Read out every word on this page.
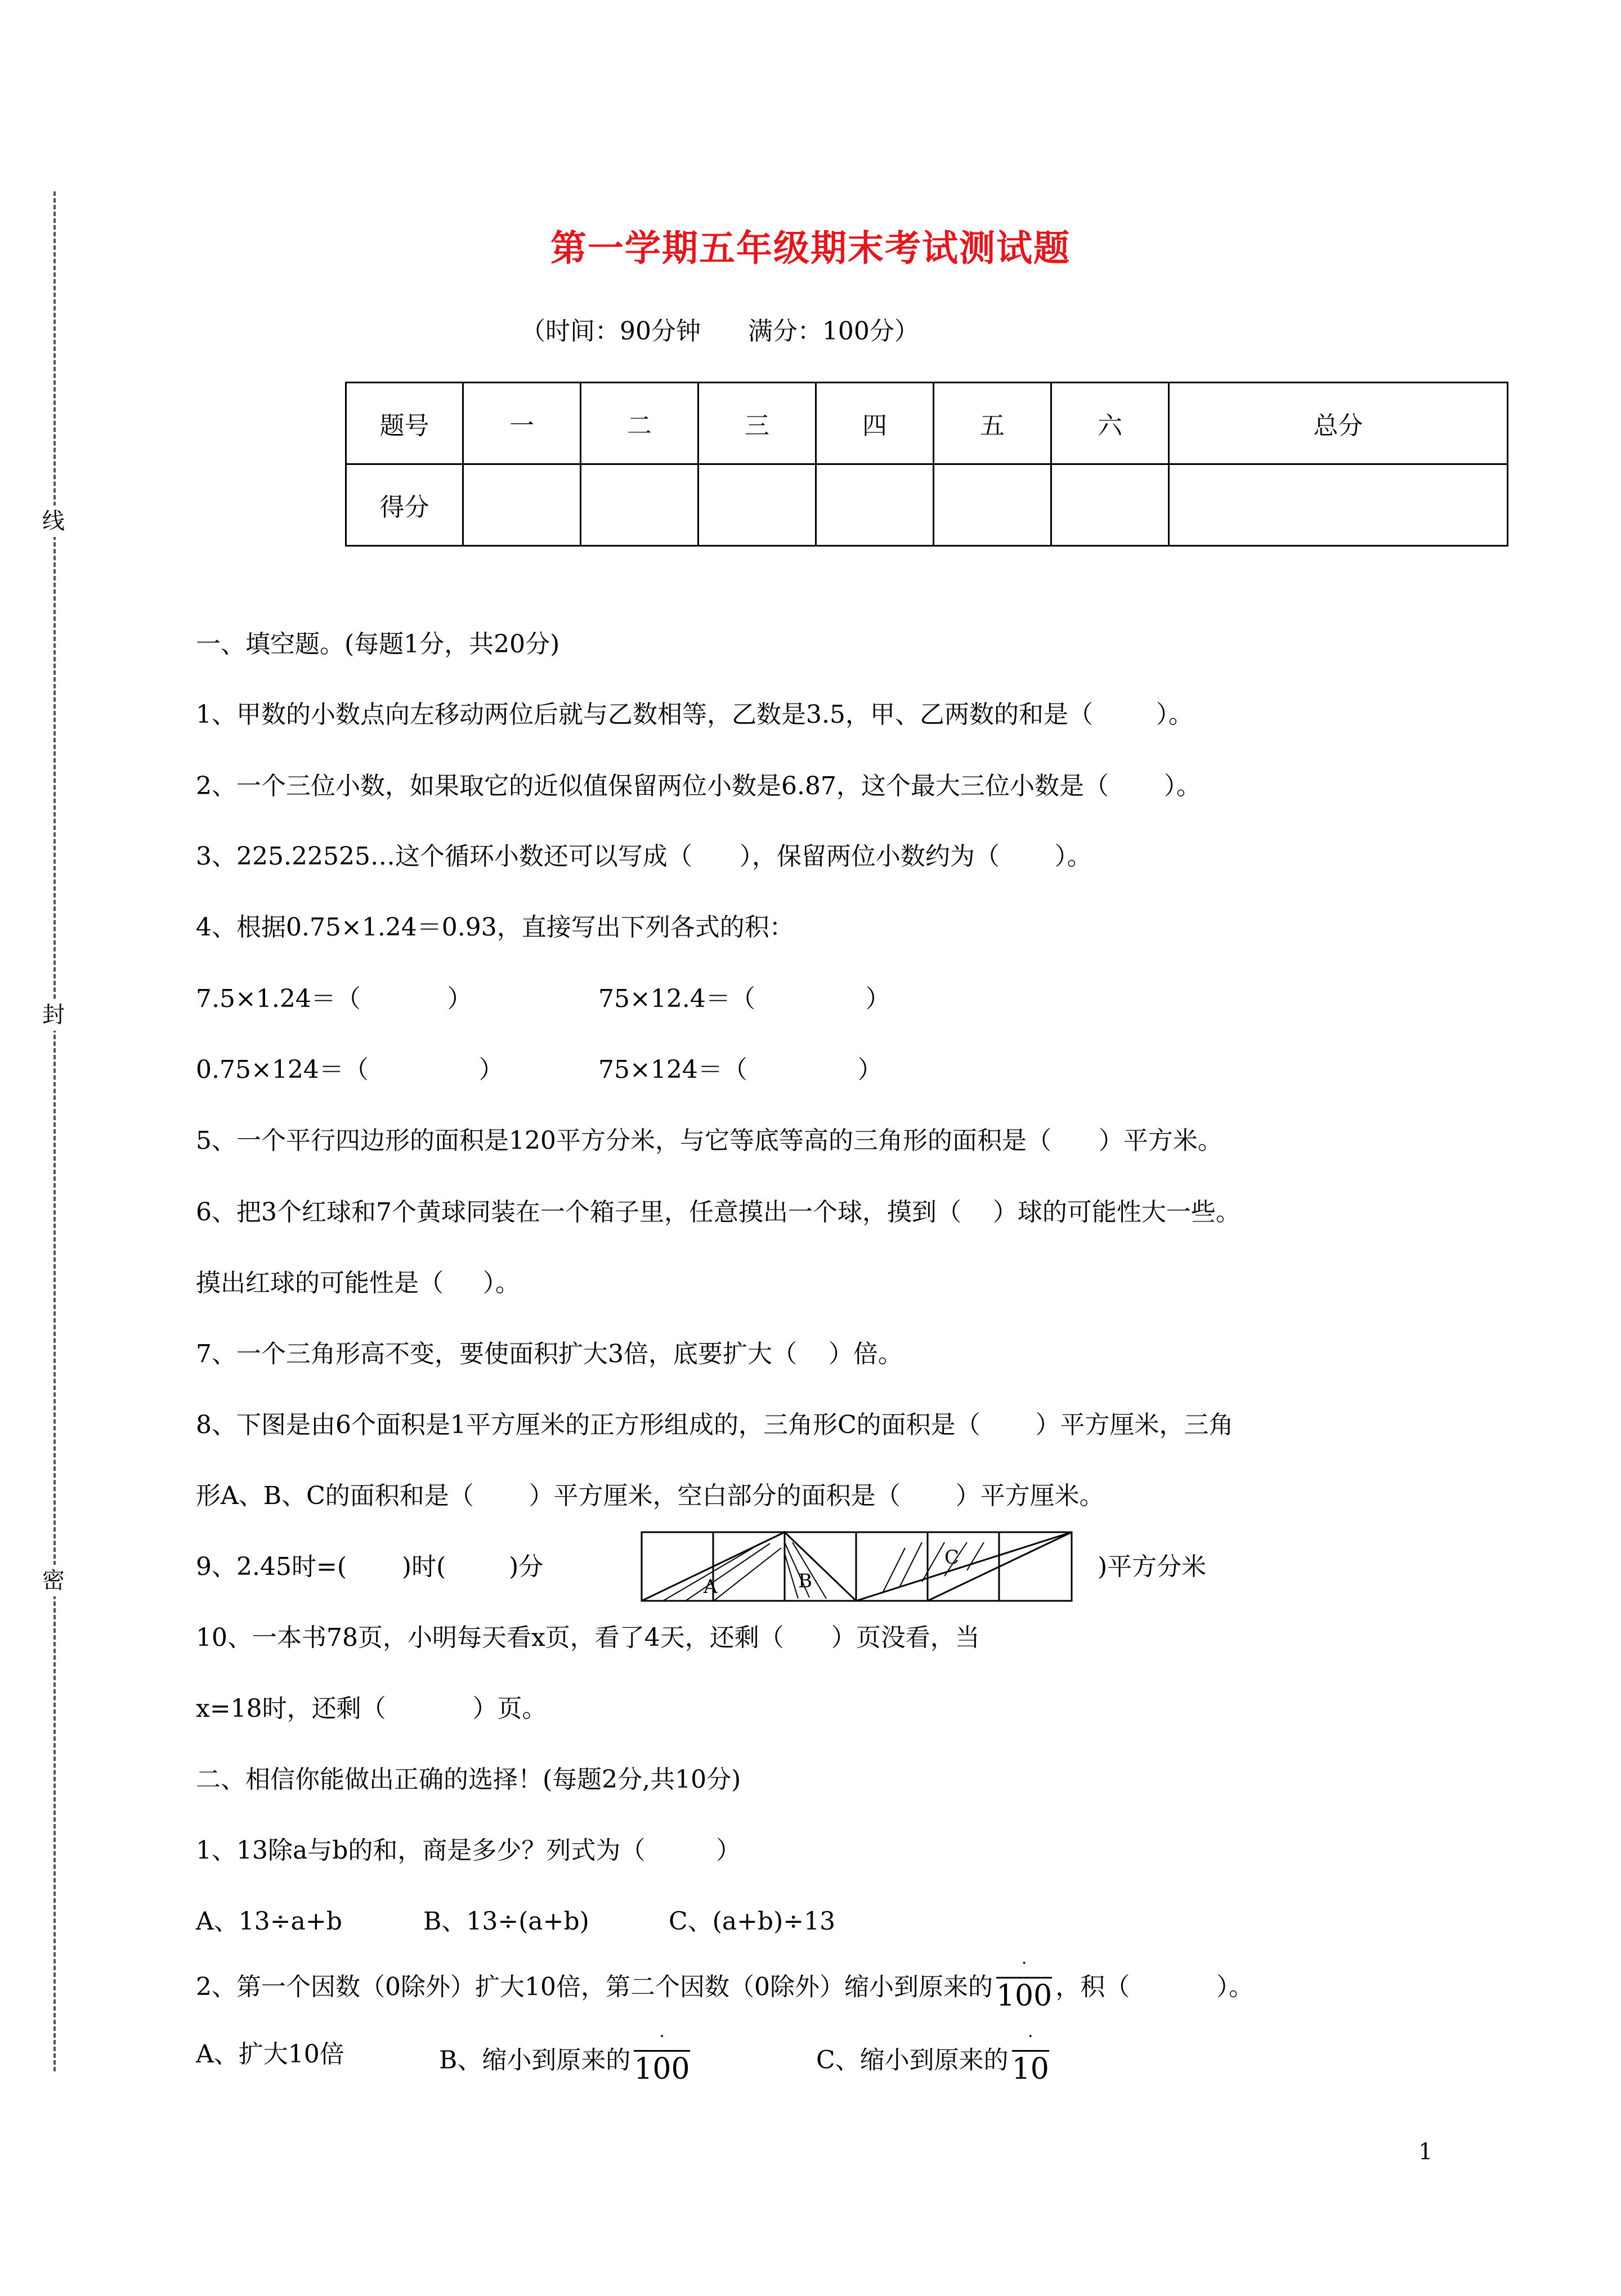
线
封
密
第一学期五年级期末考试测试题
（时间：90分钟      满分：100分）
题号	一	二	三	四	五	六	总分
得分							
一、填空题。(每题1分，共20分)
1、甲数的小数点向左移动两位后就与乙数相等，乙数是3.5，甲、乙两数的和是（        ）。
2、一个三位小数，如果取它的近似值保留两位小数是6.87，这个最大三位小数是（       ）。
3、225.22525…这个循环小数还可以写成（      ），保留两位小数约为（       ）。
4、根据0.75×1.24＝0.93，直接写出下列各式的积：
7.5×1.24＝（           ）	75×12.4＝（              ）
0.75×124＝（              ）	75×124＝（              ）
5、一个平行四边形的面积是120平方分米，与它等底等高的三角形的面积是（      ）平方米。
6、把3个红球和7个黄球同装在一个箱子里，任意摸出一个球，摸到（    ）球的可能性大一些。
摸出红球的可能性是（     ）。
7、一个三角形高不变，要使面积扩大3倍，底要扩大（    ）倍。
8、下图是由6个面积是1平方厘米的正方形组成的，三角形C的面积是（       ）平方厘米，三角
形A、B、C的面积和是（       ）平方厘米，空白部分的面积是（       ）平方厘米。
9、2.45时=(       )时(        )分	)平方分米
A	B
C
10、一本书78页，小明每天看x页，看了4天，还剩（      ）页没看，当
x=18时，还剩（           ）页。
二、相信你能做出正确的选择！(每题2分,共10分)
1、13除a与b的和，商是多少？列式为（         ）
A、13÷a+b	B、13÷(a+b)	C、(a+b)÷13
2、第一个因数（0除外）扩大10倍，第二个因数（0除外）缩小到原来的 $\frac{˙}{100}$ ，积（           ）。
A、扩大10倍	B、缩小到原来的 $\frac{˙}{100}$	C、缩小到原来的 $\frac{˙}{10}$
1
